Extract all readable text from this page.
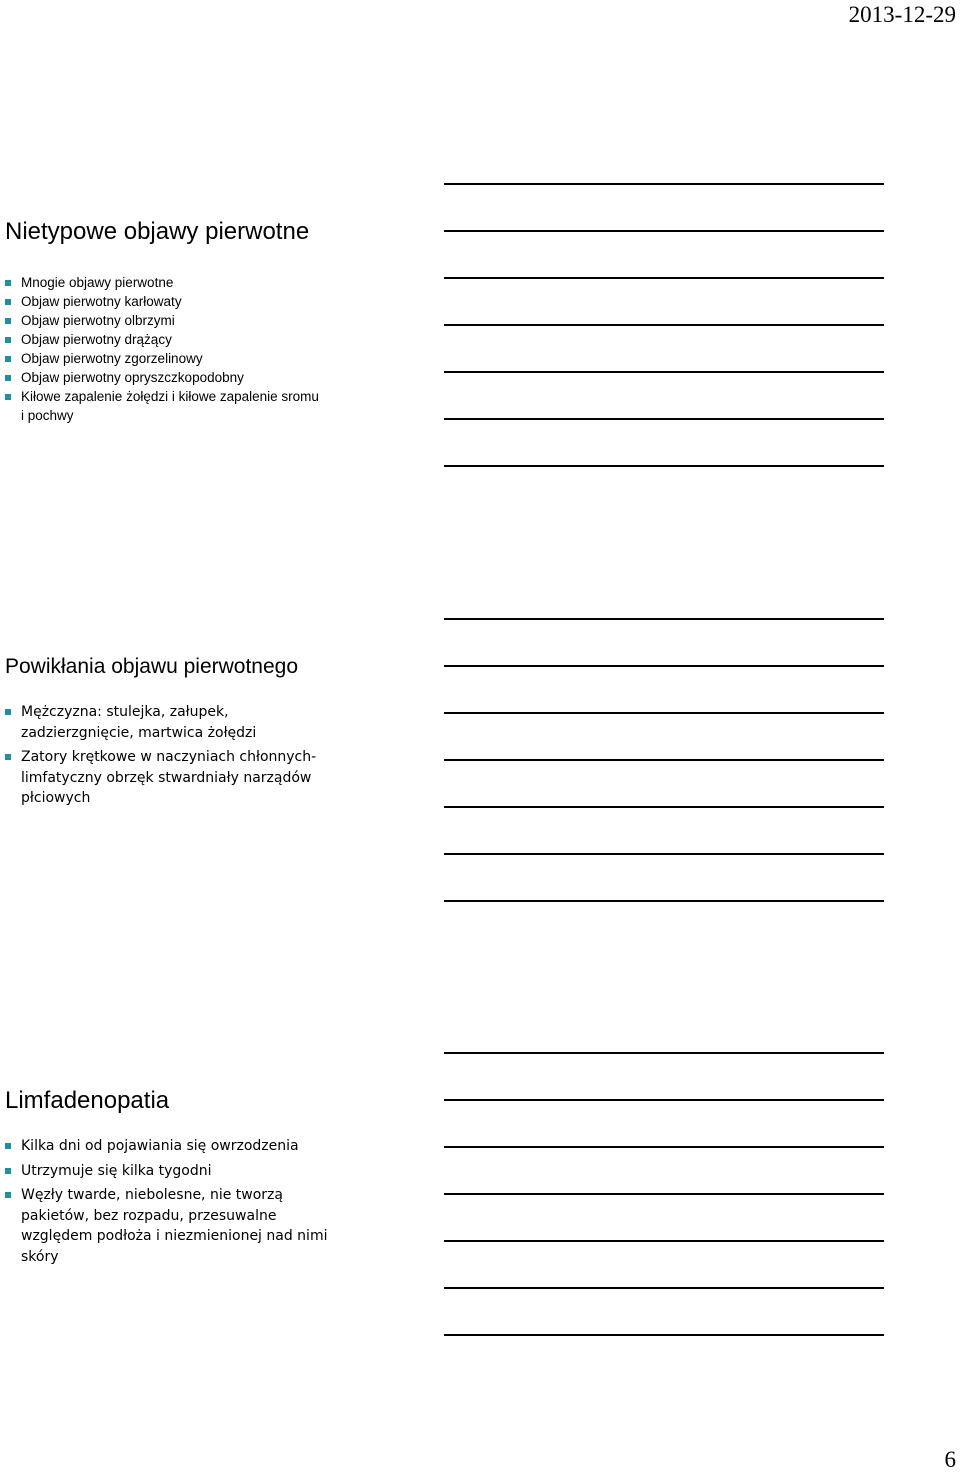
2013-12-29
Nietypowe objawy pierwotne
Mnogie objawy pierwotne
Objaw pierwotny karłowaty
Objaw pierwotny olbrzymi
Objaw pierwotny drążący
Objaw pierwotny zgorzelinowy
Objaw pierwotny opryszczkopodobny
Kiłowe zapalenie żołędzi i kiłowe zapalenie sromu i pochwy
Powikłania objawu pierwotnego
Mężczyzna: stulejka, załupek, zadzierzgnięcie, martwica żołędzi
Zatory krętkowe w naczyniach chłonnych-limfatyczny obrzęk stwardniały narządów płciowych
Limfadenopatia
Kilka dni od pojawiania się owrzodzenia
Utrzymuje się kilka tygodni
Węzły twarde, niebolesne, nie tworzą pakietów, bez rozpadu, przesuwalne względem podłoża i niezmienionej nad nimi skóry
6
